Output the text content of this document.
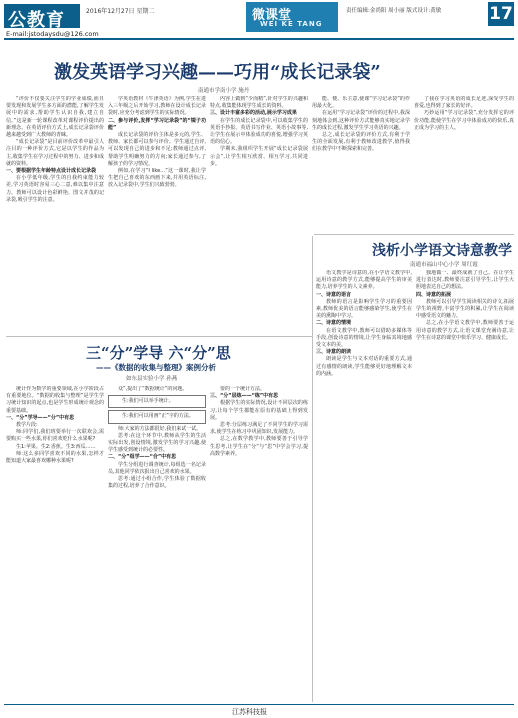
公教育	2016年12月27日 星期二
E-mail:jstodaysdu@126.com
微课堂
WEI KE TANG
责任编辑:金尚阳 周小丽 版式设计:黄敏	17
激发英语学习兴趣——巧用“成长记录袋”
南通市学南小学 施丹

“评价不仅要关注学生的学业成绩,而且要发现和发展学生多方面的潜能,了解学生发展中的需求,帮助学生认识自我,建立自信。”这是新一轮课程改革对课程评价提出的新理念。在英语评价方式上,成长记录袋评价越来越受到广大教师的青睐。

“成长记录袋”是目前评价改革中最引人注目的一种评价方式,它是以学生的作品为主,收集学生在学习过程中的努力、进步和成就的资料。

一、要根据学生年龄特点设计成长记录袋

在小学低年级,学生的自我约束能力较差,学习英语时容易三心二意,难以集中注意力。教师可以设计色彩鲜艳、图文并茂的记录袋,吸引学生的注意。

学英语教材《牛津英语》为例,学生在进入三年级之后开始学习,教师在设计成长记录袋时,应充分考虑到学生的实际情况。

二、参与评价,发挥“学习记录袋”的“镜子功能”

成长记录袋的评价主体是多元的,学生、教师、家长都可以参与评价。学生通过自评,可以发现自己的进步和不足;教师通过点评,帮助学生明确努力的方向;家长通过参与,了解孩子的学习情况。

例如,在学习“I like…”这一课时,我让学生把自己喜欢的东西画下来,并用英语标注,放入记录袋中,学生们兴致勃勃。

内容上做到“少而精”,针对学生的兴趣和特点,收集能体现学生成长的资料。

三、设计丰富多彩的活动,展示学习成果

在学生的成长记录袋中,可以收集学生的英语手抄报、英语书写作业、英语小故事等,让学生在展示中体验成功的喜悦,增强学习英语的信心。

学期末,我组织学生开展“成长记录袋展示会”,让学生相互欣赏、相互学习,共同进步。

能、便、乐主意,使课“学习记录袋”的作用最大化。

在运用“学习记录袋”评价的过程中,我深刻地体会到,这种评价方式能够真实地记录学生的成长过程,激发学生学习英语的兴趣。

总之,成长记录袋的评价方式,有利于学生的全面发展,有利于教师改进教学,值得我们在教学中不断探索和完善。

了我在学习英语的成长足迹,深受学生的喜爱,也得到了家长的好评。

巧妙运用“学习记录袋”,充分发挥它的评价功能,能使学生在学习中体验成功的快乐,真正成为学习的主人。

三“分”学导 六“分”思
——《数据的收集与整理》案例分析
如东县实验小学 孙燕

统计作为数学的重要领域,在小学阶段占有重要地位。“数据的收集与整理”是学生学习统计知识的起点,也是学生形成统计观念的重要基础。

一、“分”学导——“分”中有思

教学片段:

师:同学们,我们班要举行一次联欢会,需要购买一些水果,你们喜欢吃什么水果呢?

生1:苹果。生2:香蕉。生3:西瓜……

师:这么多同学喜欢不同的水果,怎样才能知道大家最喜欢哪种水果呢?

众”,提出了“数据统计”的问题。

生:我们可以举手统计。

生:我们可以用画“正”字的方法。

师:大家的方法都很好,我们来试一试。

思考:在这个环节中,教师从学生的生活实际出发,创设情境,激发学生的学习兴趣,使学生感受到统计的必要性。

二、“分”组学——“合”中有思

学生分组进行调查统计,每组选一名记录员,其他同学依次报出自己喜欢的水果。

思考:通过小组合作,学生体验了数据收集的过程,培养了合作意识。

要的一个统计方法。

三、“分”层练——“练”中有思

根据学生的实际情况,设计不同层次的练习,让每个学生都能在原有的基础上得到发展。

思考:分层练习满足了不同学生的学习需求,使学生在练习中巩固知识,发展能力。

总之,在数学教学中,教师要善于引导学生思考,让学生在“分”与“思”中学会学习,提高数学素养。

浅析小学语文诗意教学
南通市福山中心小学 周红霞

语文教学是诗意的,在小学语文教学中,运用诗意的教学方式,能够提高学生的审美能力,培养学生的人文素养。

一、诗意的语言

教师的语言是影响学生学习的重要因素,教师优美的语言能够感染学生,使学生在美的熏陶中学习。

二、诗意的情境

在语文教学中,教师可以借助多媒体等手段,创设诗意的情境,让学生身临其境地感受文本的美。

三、诗意的朗读

朗读是学生与文本对话的重要方式,通过有感情的朗读,学生能够更好地理解文本的内涵。

独地做一、最终成就了自己。在让学生进行表达时,教师要注意引导学生,让学生大胆地表达自己的想法。

四、诗意的拓展

教师可以引导学生阅读相关的诗文,拓展学生的视野,丰富学生的积累,让学生在阅读中感受语文的魅力。

总之,在小学语文教学中,教师要善于运用诗意的教学方式,让语文课堂充满诗意,让学生在诗意的课堂中快乐学习、健康成长。

江苏科技报
